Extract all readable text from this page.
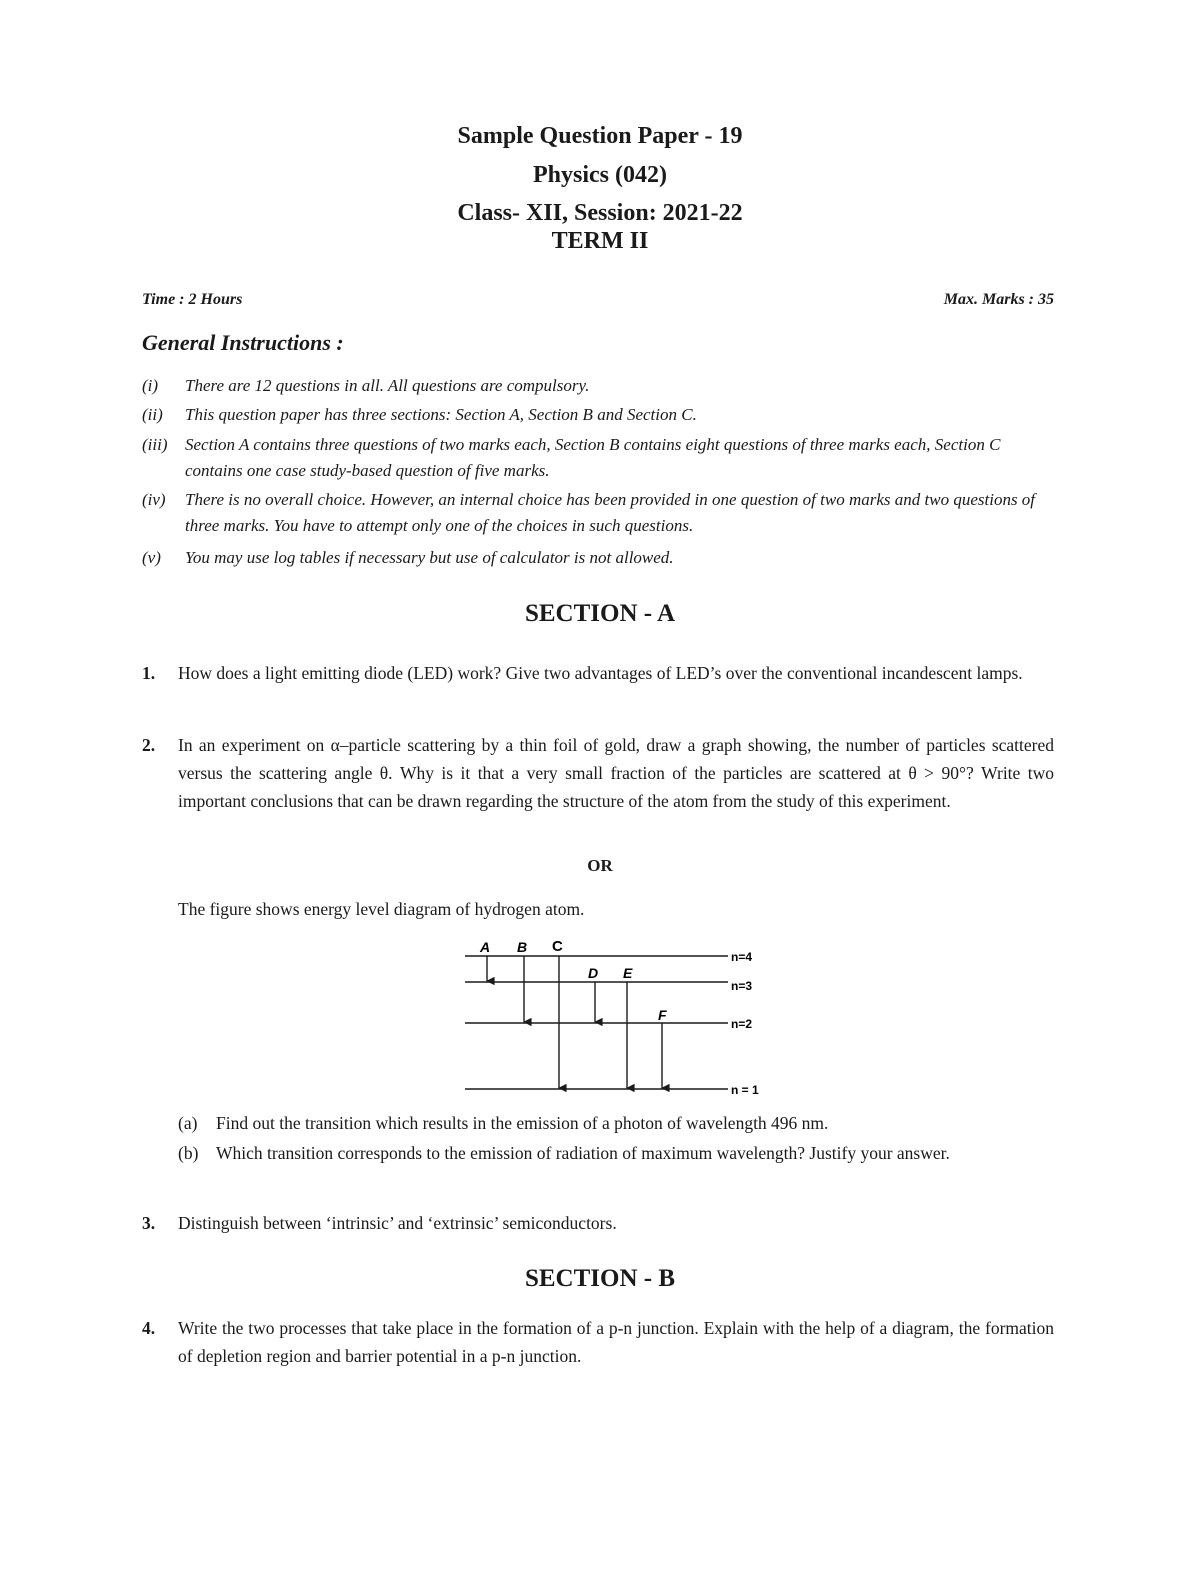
Sample Question Paper - 19
Physics (042)
Class- XII, Session: 2021-22
TERM II
Time : 2 Hours	Max. Marks : 35
General Instructions :
(i) There are 12 questions in all. All questions are compulsory.
(ii) This question paper has three sections: Section A, Section B and Section C.
(iii) Section A contains three questions of two marks each, Section B contains eight questions of three marks each, Section C contains one case study-based question of five marks.
(iv) There is no overall choice. However, an internal choice has been provided in one question of two marks and two questions of three marks. You have to attempt only one of the choices in such questions.
(v) You may use log tables if necessary but use of calculator is not allowed.
SECTION - A
1. How does a light emitting diode (LED) work? Give two advantages of LED’s over the conventional incandescent lamps.
2. In an experiment on α–particle scattering by a thin foil of gold, draw a graph showing, the number of particles scattered versus the scattering angle θ. Why is it that a very small fraction of the particles are scattered at θ > 90°? Write two important conclusions that can be drawn regarding the structure of the atom from the study of this experiment.
OR
The figure shows energy level diagram of hydrogen atom.
A B C
D E
F
n=4
n=3
n=2
n = 1
(a) Find out the transition which results in the emission of a photon of wavelength 496 nm.
(b) Which transition corresponds to the emission of radiation of maximum wavelength? Justify your answer.
3. Distinguish between ‘intrinsic’ and ‘extrinsic’ semiconductors.
SECTION - B
4. Write the two processes that take place in the formation of a p-n junction. Explain with the help of a diagram, the formation of depletion region and barrier potential in a p-n junction.
